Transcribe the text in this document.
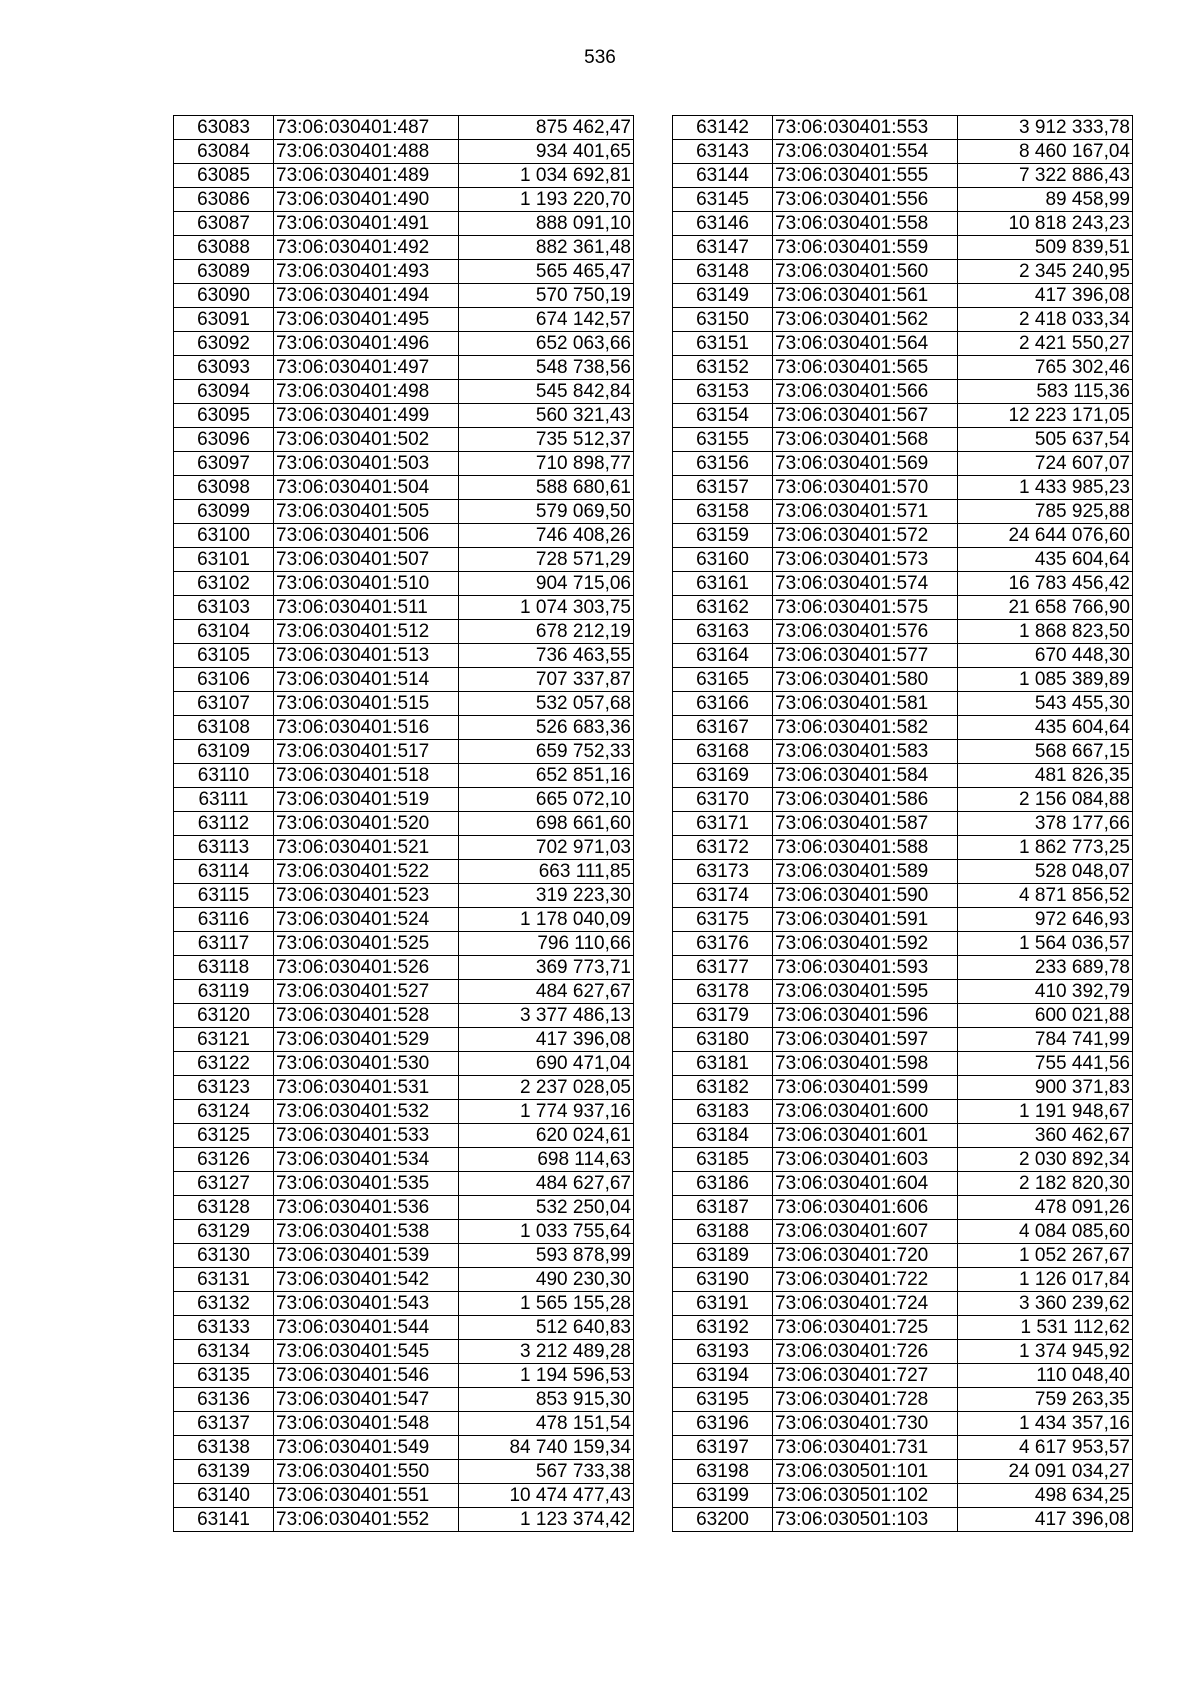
536
63083	73:06:030401:487	875 462,47
63084	73:06:030401:488	934 401,65
63085	73:06:030401:489	1 034 692,81
63086	73:06:030401:490	1 193 220,70
63087	73:06:030401:491	888 091,10
63088	73:06:030401:492	882 361,48
63089	73:06:030401:493	565 465,47
63090	73:06:030401:494	570 750,19
63091	73:06:030401:495	674 142,57
63092	73:06:030401:496	652 063,66
63093	73:06:030401:497	548 738,56
63094	73:06:030401:498	545 842,84
63095	73:06:030401:499	560 321,43
63096	73:06:030401:502	735 512,37
63097	73:06:030401:503	710 898,77
63098	73:06:030401:504	588 680,61
63099	73:06:030401:505	579 069,50
63100	73:06:030401:506	746 408,26
63101	73:06:030401:507	728 571,29
63102	73:06:030401:510	904 715,06
63103	73:06:030401:511	1 074 303,75
63104	73:06:030401:512	678 212,19
63105	73:06:030401:513	736 463,55
63106	73:06:030401:514	707 337,87
63107	73:06:030401:515	532 057,68
63108	73:06:030401:516	526 683,36
63109	73:06:030401:517	659 752,33
63110	73:06:030401:518	652 851,16
63111	73:06:030401:519	665 072,10
63112	73:06:030401:520	698 661,60
63113	73:06:030401:521	702 971,03
63114	73:06:030401:522	663 111,85
63115	73:06:030401:523	319 223,30
63116	73:06:030401:524	1 178 040,09
63117	73:06:030401:525	796 110,66
63118	73:06:030401:526	369 773,71
63119	73:06:030401:527	484 627,67
63120	73:06:030401:528	3 377 486,13
63121	73:06:030401:529	417 396,08
63122	73:06:030401:530	690 471,04
63123	73:06:030401:531	2 237 028,05
63124	73:06:030401:532	1 774 937,16
63125	73:06:030401:533	620 024,61
63126	73:06:030401:534	698 114,63
63127	73:06:030401:535	484 627,67
63128	73:06:030401:536	532 250,04
63129	73:06:030401:538	1 033 755,64
63130	73:06:030401:539	593 878,99
63131	73:06:030401:542	490 230,30
63132	73:06:030401:543	1 565 155,28
63133	73:06:030401:544	512 640,83
63134	73:06:030401:545	3 212 489,28
63135	73:06:030401:546	1 194 596,53
63136	73:06:030401:547	853 915,30
63137	73:06:030401:548	478 151,54
63138	73:06:030401:549	84 740 159,34
63139	73:06:030401:550	567 733,38
63140	73:06:030401:551	10 474 477,43
63141	73:06:030401:552	1 123 374,42
63142	73:06:030401:553	3 912 333,78
63143	73:06:030401:554	8 460 167,04
63144	73:06:030401:555	7 322 886,43
63145	73:06:030401:556	89 458,99
63146	73:06:030401:558	10 818 243,23
63147	73:06:030401:559	509 839,51
63148	73:06:030401:560	2 345 240,95
63149	73:06:030401:561	417 396,08
63150	73:06:030401:562	2 418 033,34
63151	73:06:030401:564	2 421 550,27
63152	73:06:030401:565	765 302,46
63153	73:06:030401:566	583 115,36
63154	73:06:030401:567	12 223 171,05
63155	73:06:030401:568	505 637,54
63156	73:06:030401:569	724 607,07
63157	73:06:030401:570	1 433 985,23
63158	73:06:030401:571	785 925,88
63159	73:06:030401:572	24 644 076,60
63160	73:06:030401:573	435 604,64
63161	73:06:030401:574	16 783 456,42
63162	73:06:030401:575	21 658 766,90
63163	73:06:030401:576	1 868 823,50
63164	73:06:030401:577	670 448,30
63165	73:06:030401:580	1 085 389,89
63166	73:06:030401:581	543 455,30
63167	73:06:030401:582	435 604,64
63168	73:06:030401:583	568 667,15
63169	73:06:030401:584	481 826,35
63170	73:06:030401:586	2 156 084,88
63171	73:06:030401:587	378 177,66
63172	73:06:030401:588	1 862 773,25
63173	73:06:030401:589	528 048,07
63174	73:06:030401:590	4 871 856,52
63175	73:06:030401:591	972 646,93
63176	73:06:030401:592	1 564 036,57
63177	73:06:030401:593	233 689,78
63178	73:06:030401:595	410 392,79
63179	73:06:030401:596	600 021,88
63180	73:06:030401:597	784 741,99
63181	73:06:030401:598	755 441,56
63182	73:06:030401:599	900 371,83
63183	73:06:030401:600	1 191 948,67
63184	73:06:030401:601	360 462,67
63185	73:06:030401:603	2 030 892,34
63186	73:06:030401:604	2 182 820,30
63187	73:06:030401:606	478 091,26
63188	73:06:030401:607	4 084 085,60
63189	73:06:030401:720	1 052 267,67
63190	73:06:030401:722	1 126 017,84
63191	73:06:030401:724	3 360 239,62
63192	73:06:030401:725	1 531 112,62
63193	73:06:030401:726	1 374 945,92
63194	73:06:030401:727	110 048,40
63195	73:06:030401:728	759 263,35
63196	73:06:030401:730	1 434 357,16
63197	73:06:030401:731	4 617 953,57
63198	73:06:030501:101	24 091 034,27
63199	73:06:030501:102	498 634,25
63200	73:06:030501:103	417 396,08
